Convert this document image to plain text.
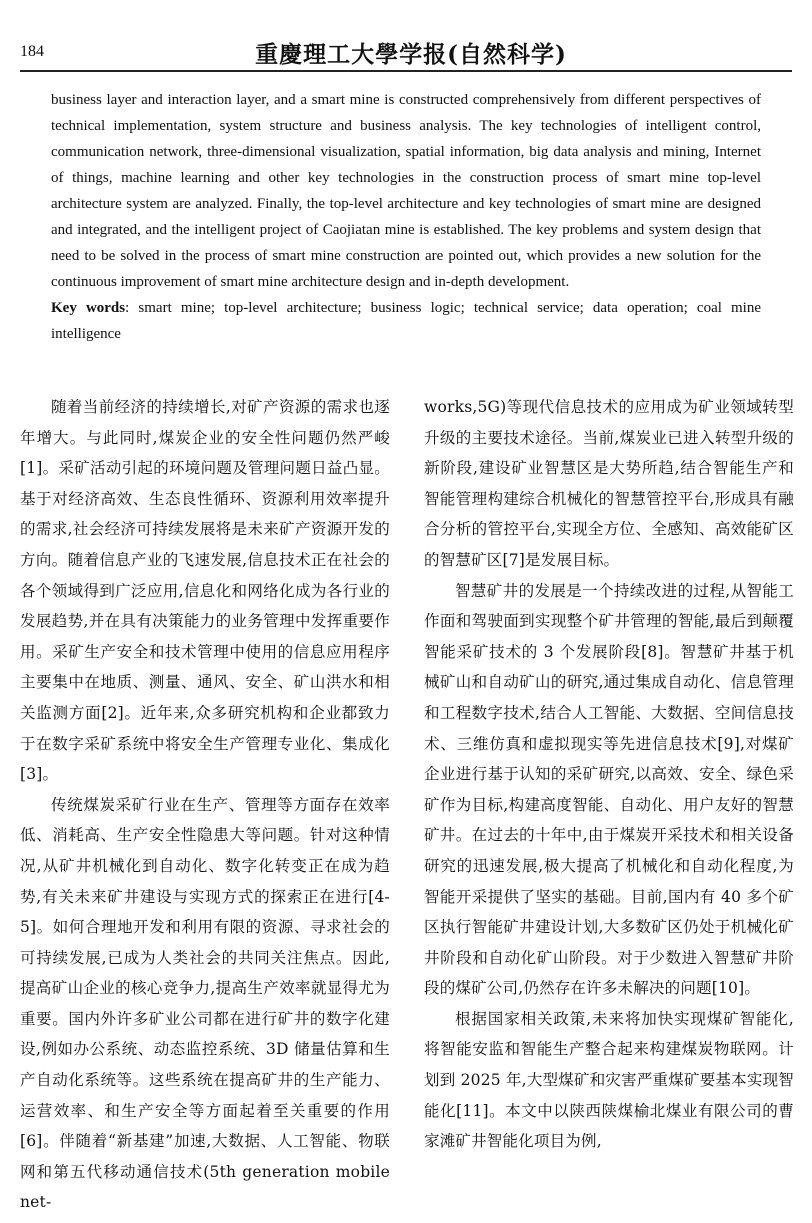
184	重慶理工大學学报(自然科学)

business layer and interaction layer, and a smart mine is constructed comprehensively from different perspectives of technical implementation, system structure and business analysis. The key technologies of intelligent control, communication network, three-dimensional visualization, spatial information, big data analysis and mining, Internet of things, machine learning and other key technologies in the construction process of smart mine top-level architecture system are analyzed. Finally, the top-level architecture and key technologies of smart mine are designed and integrated, and the intelligent project of Caojiatan mine is established. The key problems and system design that need to be solved in the process of smart mine construction are pointed out, which provides a new solution for the continuous improvement of smart mine architecture design and in-depth development.

Key words: smart mine; top-level architecture; business logic; technical service; data operation; coal mine intelligence

随着当前经济的持续增长,对矿产资源的需求也逐年增大。与此同时,煤炭企业的安全性问题仍然严峻[1]。采矿活动引起的环境问题及管理问题日益凸显。基于对经济高效、生态良性循环、资源利用效率提升的需求,社会经济可持续发展将是未来矿产资源开发的方向。随着信息产业的飞速发展,信息技术正在社会的各个领域得到广泛应用,信息化和网络化成为各行业的发展趋势,并在具有决策能力的业务管理中发挥重要作用。采矿生产安全和技术管理中使用的信息应用程序主要集中在地质、测量、通风、安全、矿山洪水和相关监测方面[2]。近年来,众多研究机构和企业都致力于在数字采矿系统中将安全生产管理专业化、集成化[3]。

传统煤炭采矿行业在生产、管理等方面存在效率低、消耗高、生产安全性隐患大等问题。针对这种情况,从矿井机械化到自动化、数字化转变正在成为趋势,有关未来矿井建设与实现方式的探索正在进行[4-5]。如何合理地开发和利用有限的资源、寻求社会的可持续发展,已成为人类社会的共同关注焦点。因此,提高矿山企业的核心竞争力,提高生产效率就显得尤为重要。国内外许多矿业公司都在进行矿井的数字化建设,例如办公系统、动态监控系统、3D 储量估算和生产自动化系统等。这些系统在提高矿井的生产能力、运营效率、和生产安全等方面起着至关重要的作用[6]。伴随着“新基建”加速,大数据、人工智能、物联网和第五代移动通信技术(5th generation mobile net-

works,5G)等现代信息技术的应用成为矿业领域转型升级的主要技术途径。当前,煤炭业已进入转型升级的新阶段,建设矿业智慧区是大势所趋,结合智能生产和智能管理构建综合机械化的智慧管控平台,形成具有融合分析的管控平台,实现全方位、全感知、高效能矿区的智慧矿区[7]是发展目标。

智慧矿井的发展是一个持续改进的过程,从智能工作面和驾驶面到实现整个矿井管理的智能,最后到颠覆智能采矿技术的 3 个发展阶段[8]。智慧矿井基于机械矿山和自动矿山的研究,通过集成自动化、信息管理和工程数字技术,结合人工智能、大数据、空间信息技术、三维仿真和虚拟现实等先进信息技术[9],对煤矿企业进行基于认知的采矿研究,以高效、安全、绿色采矿作为目标,构建高度智能、自动化、用户友好的智慧矿井。在过去的十年中,由于煤炭开采技术和相关设备研究的迅速发展,极大提高了机械化和自动化程度,为智能开采提供了坚实的基础。目前,国内有 40 多个矿区执行智能矿井建设计划,大多数矿区仍处于机械化矿井阶段和自动化矿山阶段。对于少数进入智慧矿井阶段的煤矿公司,仍然存在许多未解决的问题[10]。

根据国家相关政策,未来将加快实现煤矿智能化,将智能安监和智能生产整合起来构建煤炭物联网。计划到 2025 年,大型煤矿和灾害严重煤矿要基本实现智能化[11]。本文中以陕西陕煤榆北煤业有限公司的曹家滩矿井智能化项目为例,
